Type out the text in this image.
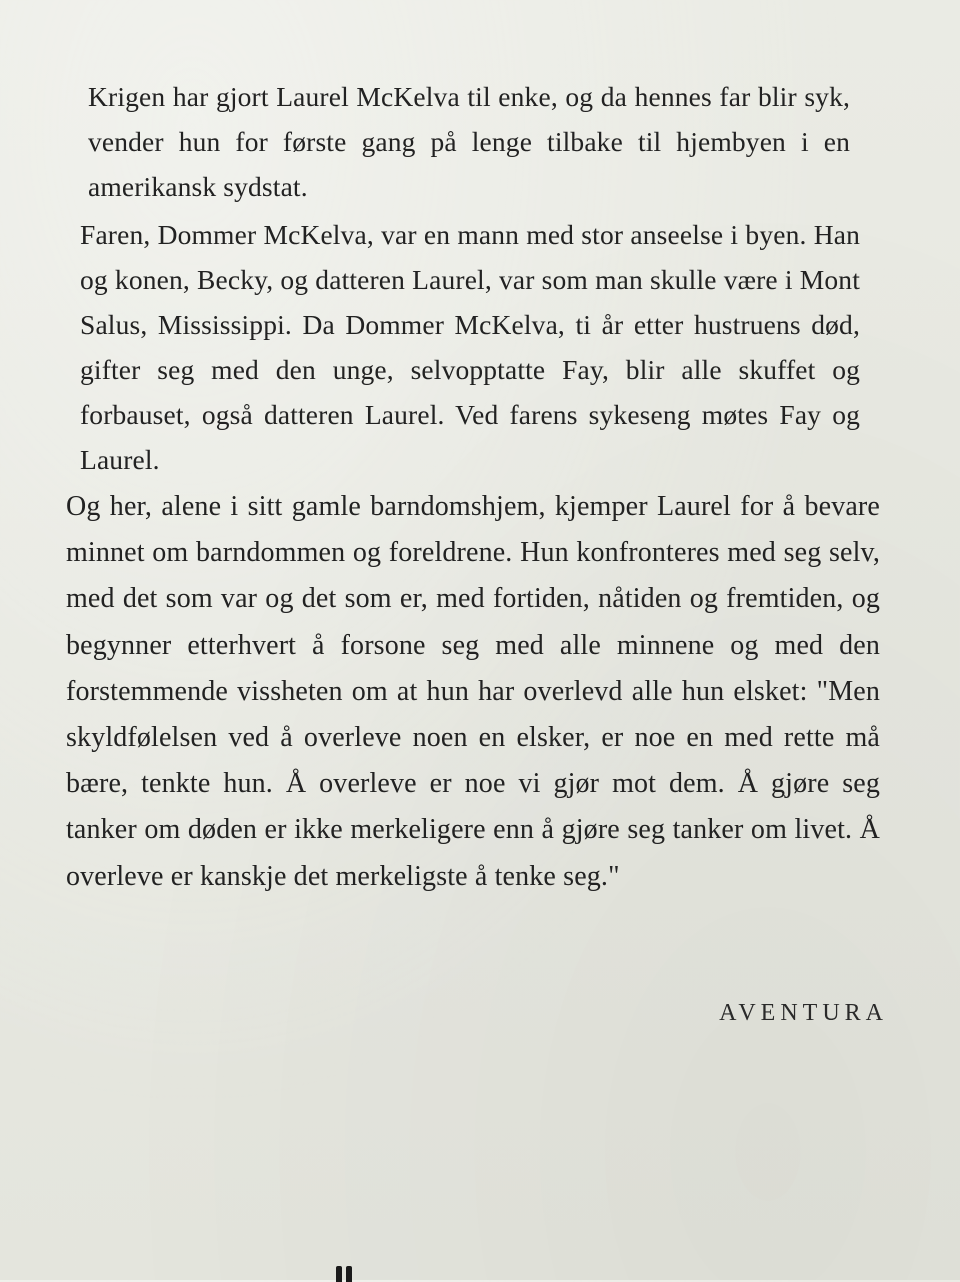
Krigen har gjort Laurel McKelva til enke, og da hennes far blir syk, vender hun for første gang på lenge tilbake til hjembyen i en amerikansk sydstat.

Faren, Dommer McKelva, var en mann med stor anseelse i byen. Han og konen, Becky, og datteren Laurel, var som man skulle være i Mont Salus, Mississippi. Da Dommer McKelva, ti år etter hustruens død, gifter seg med den unge, selvopptatte Fay, blir alle skuffet og forbauset, også datteren Laurel. Ved farens sykeseng møtes Fay og Laurel.

Og her, alene i sitt gamle barndomshjem, kjemper Laurel for å bevare minnet om barndommen og foreldrene. Hun konfronteres med seg selv, med det som var og det som er, med fortiden, nåtiden og fremtiden, og begynner etterhvert å forsone seg med alle minnene og med den forstemmende vissheten om at hun har overlevd alle hun elsket: "Men skyldfølelsen ved å overleve noen en elsker, er noe en med rette må bære, tenkte hun. Å overleve er noe vi gjør mot dem. Å gjøre seg tanker om døden er ikke merkeligere enn å gjøre seg tanker om livet. Å overleve er kanskje det merkeligste å tenke seg."

AVENTURA
